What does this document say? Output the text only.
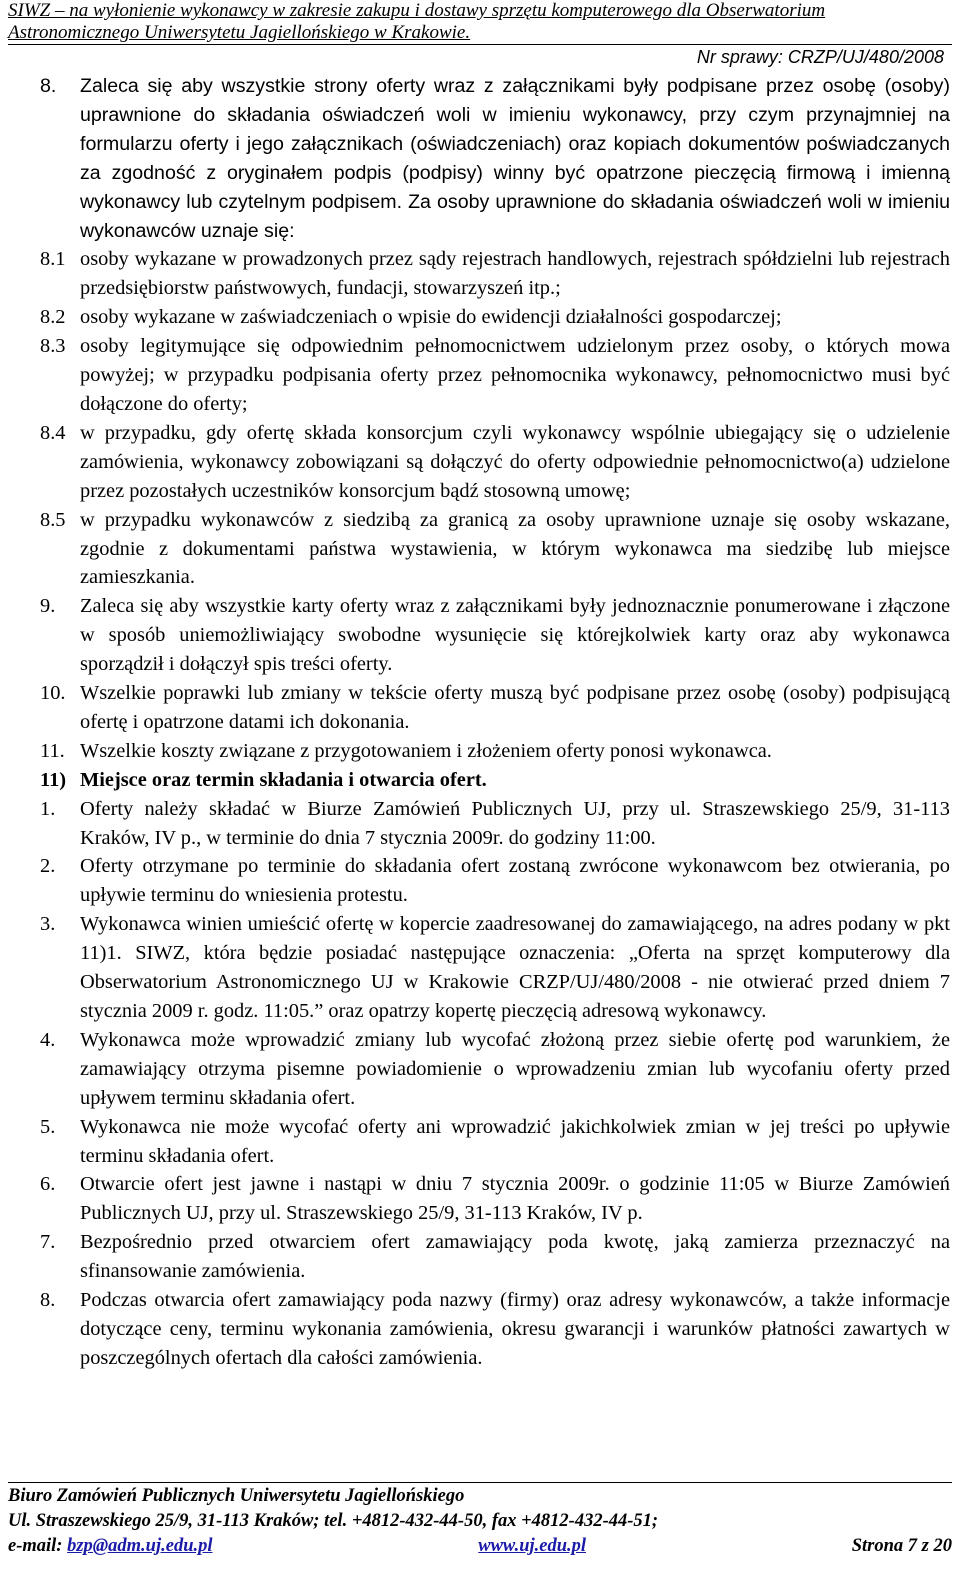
SIWZ – na wyłonienie wykonawcy w zakresie zakupu i dostawy sprzętu komputerowego dla Obserwatorium
Astronomicznego Uniwersytetu Jagiellońskiego w Krakowie.
Nr sprawy: CRZP/UJ/480/2008
8.	Zaleca się aby wszystkie strony oferty wraz z załącznikami były podpisane przez osobę (osoby) uprawnione do składania oświadczeń woli w imieniu wykonawcy, przy czym przynajmniej na formularzu oferty i jego załącznikach (oświadczeniach) oraz kopiach dokumentów poświadczanych za zgodność z oryginałem podpis (podpisy) winny być opatrzone pieczęcią firmową i imienną wykonawcy lub czytelnym podpisem. Za osoby uprawnione do składania oświadczeń woli w imieniu wykonawców uznaje się:
8.1 osoby wykazane w prowadzonych przez sądy rejestrach handlowych, rejestrach spółdzielni lub rejestrach przedsiębiorstw państwowych, fundacji, stowarzyszeń itp.;
8.2 osoby wykazane w zaświadczeniach o wpisie do ewidencji działalności gospodarczej;
8.3 osoby legitymujące się odpowiednim pełnomocnictwem udzielonym przez osoby, o których mowa powyżej; w przypadku podpisania oferty przez pełnomocnika wykonawcy, pełnomocnictwo musi być dołączone do oferty;
8.4 w przypadku, gdy ofertę składa konsorcjum czyli wykonawcy wspólnie ubiegający się o udzielenie zamówienia, wykonawcy zobowiązani są dołączyć do oferty odpowiednie pełnomocnictwo(a) udzielone przez pozostałych uczestników konsorcjum bądź stosowną umowę;
8.5 w przypadku wykonawców z siedzibą za granicą za osoby uprawnione uznaje się osoby wskazane, zgodnie z dokumentami państwa wystawienia, w którym wykonawca ma siedzibę lub miejsce zamieszkania.
9.	Zaleca się aby wszystkie karty oferty wraz z załącznikami były jednoznacznie ponumerowane i złączone w sposób uniemożliwiający swobodne wysunięcie się którejkolwiek karty oraz aby wykonawca sporządził i dołączył spis treści oferty.
10. Wszelkie poprawki lub zmiany w tekście oferty muszą być podpisane przez osobę (osoby) podpisującą ofertę i opatrzone datami ich dokonania.
11. Wszelkie koszty związane z przygotowaniem i złożeniem oferty ponosi wykonawca.
11) Miejsce oraz termin składania i otwarcia ofert.
1.	Oferty należy składać w Biurze Zamówień Publicznych UJ, przy ul. Straszewskiego 25/9, 31-113 Kraków, IV p., w terminie do dnia 7 stycznia 2009r. do godziny 11:00.
2.	Oferty otrzymane po terminie do składania ofert zostaną zwrócone wykonawcom bez otwierania, po upływie terminu do wniesienia protestu.
3.	Wykonawca winien umieścić ofertę w kopercie zaadresowanej do zamawiającego, na adres podany w pkt 11)1. SIWZ, która będzie posiadać następujące oznaczenia: „Oferta na sprzęt komputerowy dla Obserwatorium Astronomicznego UJ w Krakowie CRZP/UJ/480/2008 - nie otwierać przed dniem 7 stycznia 2009 r. godz. 11:05.” oraz opatrzy kopertę pieczęcią adresową wykonawcy.
4.	Wykonawca może wprowadzić zmiany lub wycofać złożoną przez siebie ofertę pod warunkiem, że zamawiający otrzyma pisemne powiadomienie o wprowadzeniu zmian lub wycofaniu oferty przed upływem terminu składania ofert.
5.	Wykonawca nie może wycofać oferty ani wprowadzić jakichkolwiek zmian w jej treści po upływie terminu składania ofert.
6.	Otwarcie ofert jest jawne i nastąpi w dniu 7 stycznia 2009r. o godzinie 11:05 w Biurze Zamówień Publicznych UJ, przy ul. Straszewskiego 25/9, 31-113 Kraków, IV p.
7.	Bezpośrednio przed otwarciem ofert zamawiający poda kwotę, jaką zamierza przeznaczyć na sfinansowanie zamówienia.
8.	Podczas otwarcia ofert zamawiający poda nazwy (firmy) oraz adresy wykonawców, a także informacje dotyczące ceny, terminu wykonania zamówienia, okresu gwarancji i warunków płatności zawartych w poszczególnych ofertach dla całości zamówienia.
Biuro Zamówień Publicznych Uniwersytetu Jagiellońskiego
Ul. Straszewskiego 25/9, 31-113 Kraków; tel. +4812-432-44-50, fax +4812-432-44-51;
e-mail: bzp@adm.uj.edu.pl	www.uj.edu.pl	Strona 7 z 20
